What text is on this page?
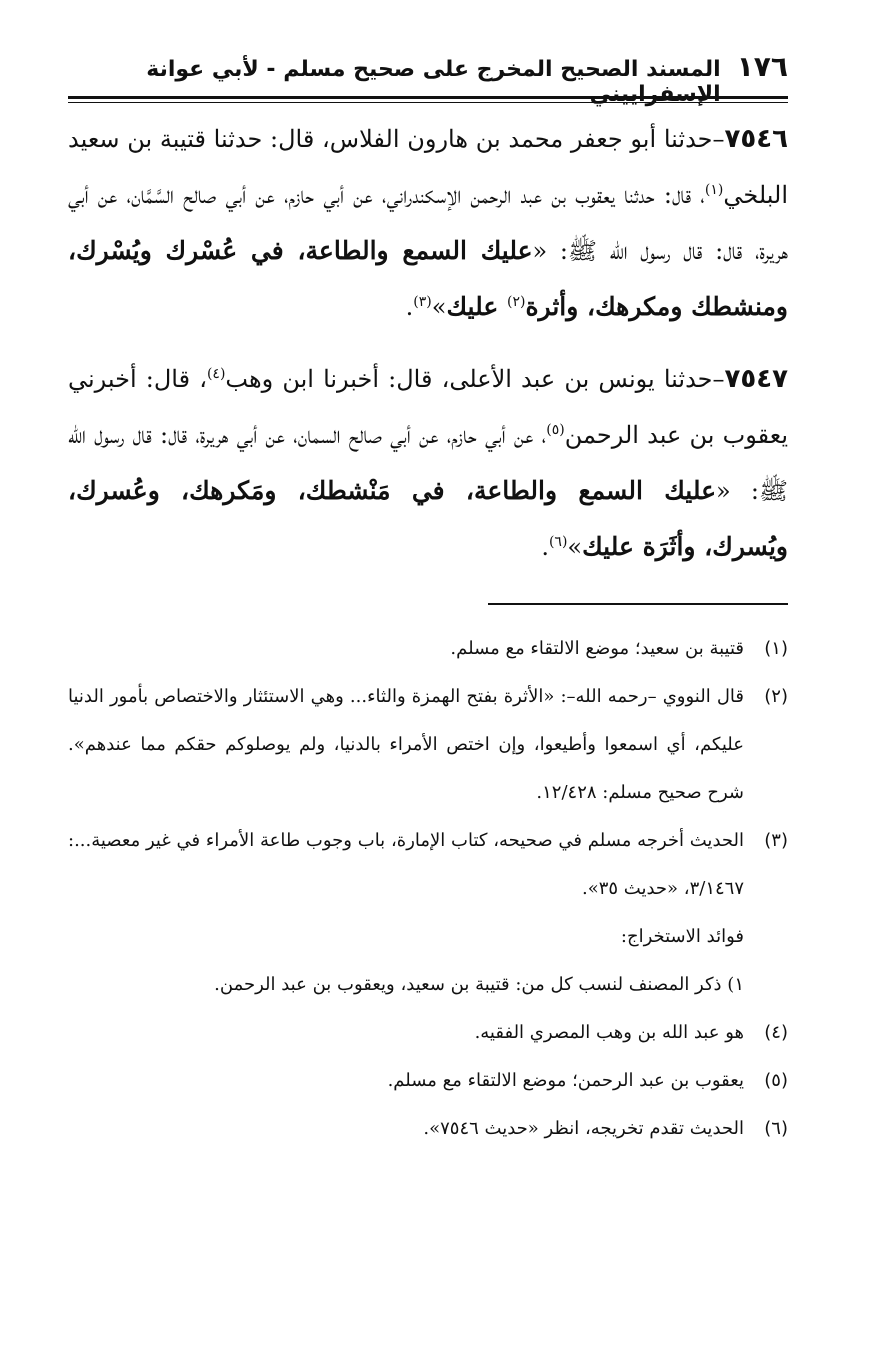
١٧٦
المسند الصحيح المخرج على صحيح مسلم - لأبي عوانة الإسفراييني

٧٥٤٦–حدثنا أبو جعفر محمد بن هارون الفلاس، قال: حدثنا قتيبة بن سعيد البلخي$^{(١)}$، قال: حدثنا يعقوب بن عبد الرحمن الإسكندراني، عن أبي حازم، عن أبي صالح السَّمَّان، عن أبي هريرة، قال: قال رسول الله ﷺ: «عليك السمع والطاعة، في عُسْرك ويُسْرك، ومنشطك ومكرهك، وأثرة$^{(٢)}$ عليك»$^{(٣)}$.

٧٥٤٧–حدثنا يونس بن عبد الأعلى، قال: أخبرنا ابن وهب$^{(٤)}$، قال: أخبرني يعقوب بن عبد الرحمن$^{(٥)}$، عن أبي حازم، عن أبي صالح السمان، عن أبي هريرة، قال: قال رسول الله ﷺ: «عليك السمع والطاعة، في مَنْشطك، ومَكرهك، وعُسرك، ويُسرك، وأثَرَة عليك»$^{(٦)}$.

(١)
قتيبة بن سعيد؛ موضع الالتقاء مع مسلم.
(٢)
قال النووي –رحمه الله–: «الأثرة بفتح الهمزة والثاء... وهي الاستئثار والاختصاص بأمور الدنيا عليكم، أي اسمعوا وأطيعوا، وإن اختص الأمراء بالدنيا، ولم يوصلوكم حقكم مما عندهم». شرح صحيح مسلم: ١٢/٤٢٨.
(٣)
الحديث أخرجه مسلم في صحيحه، كتاب الإمارة، باب وجوب طاعة الأمراء في غير معصية...: ٣/١٤٦٧، «حديث ٣٥».
فوائد الاستخراج:
١) ذكر المصنف لنسب كل من: قتيبة بن سعيد، ويعقوب بن عبد الرحمن.
(٤)
هو عبد الله بن وهب المصري الفقيه.
(٥)
يعقوب بن عبد الرحمن؛ موضع الالتقاء مع مسلم.
(٦)
الحديث تقدم تخريجه، انظر «حديث ٧٥٤٦».
